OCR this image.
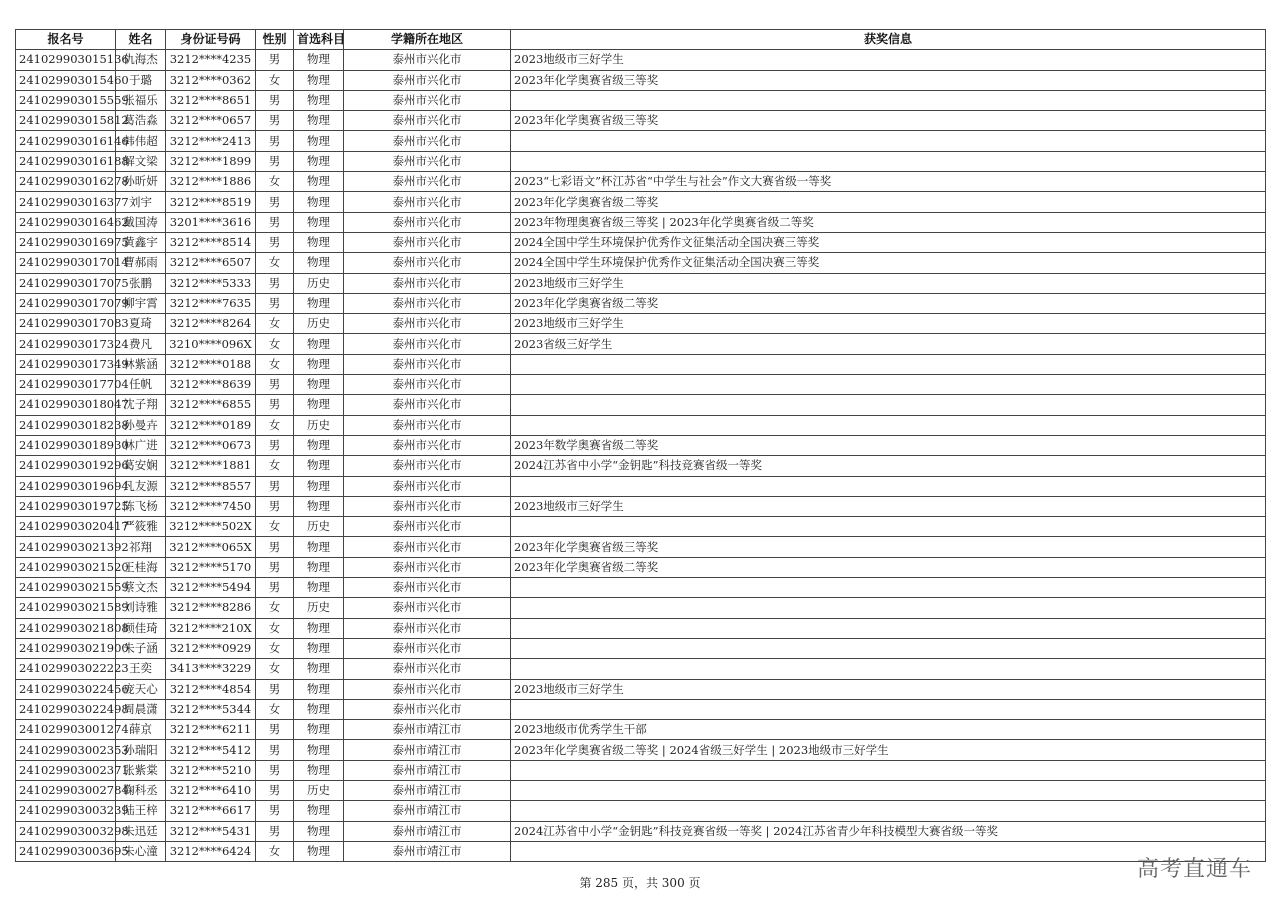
报名号	姓名	身份证号码	性别	首选科目	学籍所在地区	获奖信息
241029903015136	仇海杰	3212****4235	男	物理	泰州市兴化市	2023地级市三好学生
241029903015460	于璐	3212****0362	女	物理	泰州市兴化市	2023年化学奥赛省级三等奖
241029903015559	张福乐	3212****8651	男	物理	泰州市兴化市	
241029903015812	葛浩淼	3212****0657	男	物理	泰州市兴化市	2023年化学奥赛省级三等奖
241029903016146	韩伟超	3212****2413	男	物理	泰州市兴化市	
241029903016188	解文梁	3212****1899	男	物理	泰州市兴化市	
241029903016278	孙昕妍	3212****1886	女	物理	泰州市兴化市	2023“七彩语文”杯江苏省“中学生与社会”作文大赛省级一等奖
241029903016377	刘宇	3212****8519	男	物理	泰州市兴化市	2023年化学奥赛省级二等奖
241029903016462	戴国涛	3201****3616	男	物理	泰州市兴化市	2023年物理奥赛省级三等奖 | 2023年化学奥赛省级二等奖
241029903016975	黄鑫宇	3212****8514	男	物理	泰州市兴化市	2024全国中学生环境保护优秀作文征集活动全国决赛三等奖
241029903017014	曹郝雨	3212****6507	女	物理	泰州市兴化市	2024全国中学生环境保护优秀作文征集活动全国决赛三等奖
241029903017075	张鹏	3212****5333	男	历史	泰州市兴化市	2023地级市三好学生
241029903017079	柳宇霄	3212****7635	男	物理	泰州市兴化市	2023年化学奥赛省级二等奖
241029903017083	夏琦	3212****8264	女	历史	泰州市兴化市	2023地级市三好学生
241029903017324	费凡	3210****096X	女	物理	泰州市兴化市	2023省级三好学生
241029903017349	林紫涵	3212****0188	女	物理	泰州市兴化市	
241029903017704	任帆	3212****8639	男	物理	泰州市兴化市	
241029903018047	沈子翔	3212****6855	男	物理	泰州市兴化市	
241029903018238	孙曼卉	3212****0189	女	历史	泰州市兴化市	
241029903018930	林广进	3212****0673	男	物理	泰州市兴化市	2023年数学奥赛省级二等奖
241029903019296	葛安娴	3212****1881	女	物理	泰州市兴化市	2024江苏省中小学“金钥匙”科技竞赛省级一等奖
241029903019694	凡友源	3212****8557	男	物理	泰州市兴化市	
241029903019725	陈飞杨	3212****7450	男	物理	泰州市兴化市	2023地级市三好学生
241029903020417	严筱雅	3212****502X	女	历史	泰州市兴化市	
241029903021392	祁翔	3212****065X	男	物理	泰州市兴化市	2023年化学奥赛省级三等奖
241029903021520	王桂海	3212****5170	男	物理	泰州市兴化市	2023年化学奥赛省级二等奖
241029903021559	蔡文杰	3212****5494	男	物理	泰州市兴化市	
241029903021589	刘诗雅	3212****8286	女	历史	泰州市兴化市	
241029903021808	顾佳琦	3212****210X	女	物理	泰州市兴化市	
241029903021900	朱子涵	3212****0929	女	物理	泰州市兴化市	
241029903022223	王奕	3413****3229	女	物理	泰州市兴化市	
241029903022456	庞天心	3212****4854	男	物理	泰州市兴化市	2023地级市三好学生
241029903022498	周晨潇	3212****5344	女	物理	泰州市兴化市	
241029903001274	薛京	3212****6211	男	物理	泰州市靖江市	2023地级市优秀学生干部
241029903002353	孙瑞阳	3212****5412	男	物理	泰州市靖江市	2023年化学奥赛省级二等奖 | 2024省级三好学生 | 2023地级市三好学生
241029903002371	张紫棠	3212****5210	男	物理	泰州市靖江市	
241029903002784	鞠科丞	3212****6410	男	历史	泰州市靖江市	
241029903003239	陆王梓	3212****6617	男	物理	泰州市靖江市	
241029903003298	朱迅廷	3212****5431	男	物理	泰州市靖江市	2024江苏省中小学“金钥匙”科技竞赛省级一等奖 | 2024江苏省青少年科技模型大赛省级一等奖
241029903003695	朱心潼	3212****6424	女	物理	泰州市靖江市	
第 285 页，共 300 页
高考直通车
